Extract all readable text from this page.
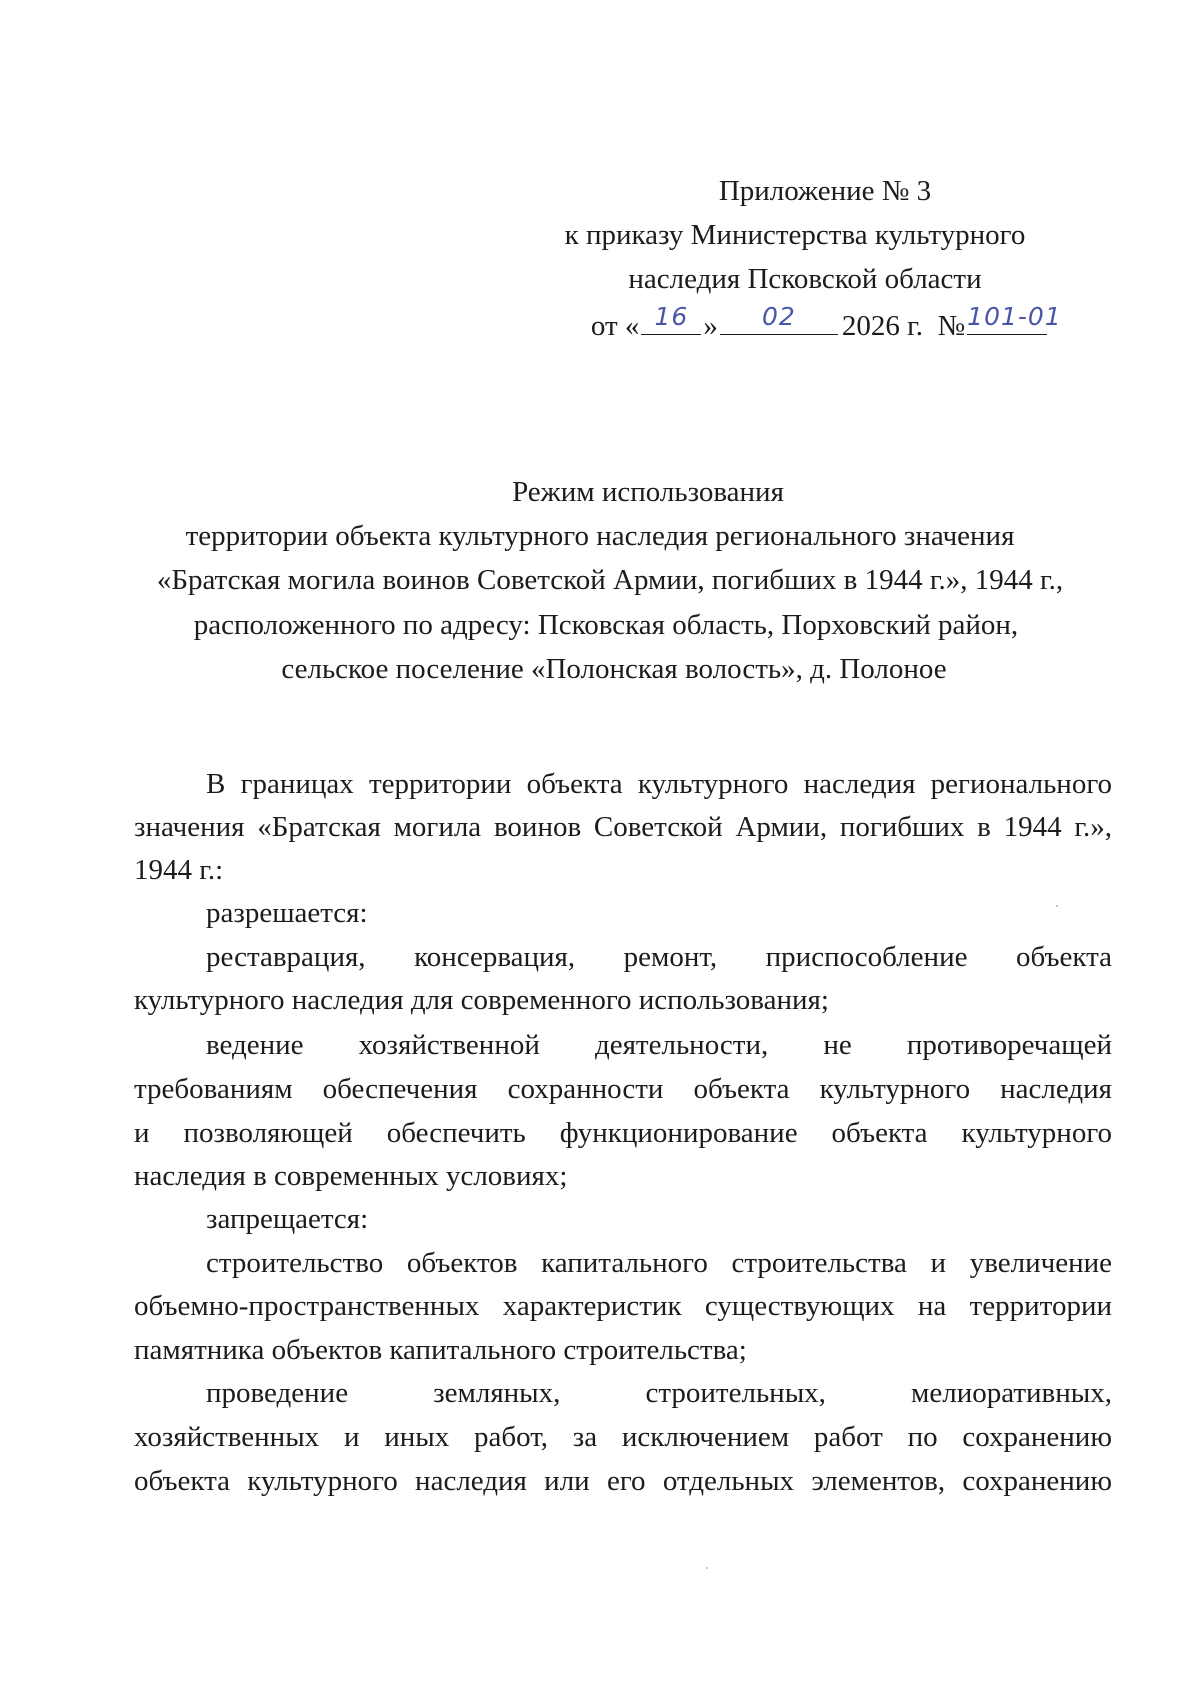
Приложение № 3
к приказу Министерства культурного
наследия Псковской области
от « 16 »	02	2026 г. № 101-01
Режим использования
территории объекта культурного наследия регионального значения
«Братская могила воинов Советской Армии, погибших в 1944 г.», 1944 г.,
расположенного по адресу: Псковская область, Порховский район,
сельское поселение «Полонская волость», д. Полоное
В границах территории объекта культурного наследия регионального
значения «Братская могила воинов Советской Армии, погибших в 1944 г.»,
1944 г.:
разрешается:
реставрация, консервация, ремонт, приспособление объекта
культурного наследия для современного использования;
ведение хозяйственной деятельности, не противоречащей
требованиям обеспечения сохранности объекта культурного наследия
и позволяющей обеспечить функционирование объекта культурного
наследия в современных условиях;
запрещается:
строительство объектов капитального строительства и увеличение
объемно-пространственных характеристик существующих на территории
памятника объектов капитального строительства;
проведение земляных, строительных, мелиоративных,
хозяйственных и иных работ, за исключением работ по сохранению
объекта культурного наследия или его отдельных элементов, сохранению
